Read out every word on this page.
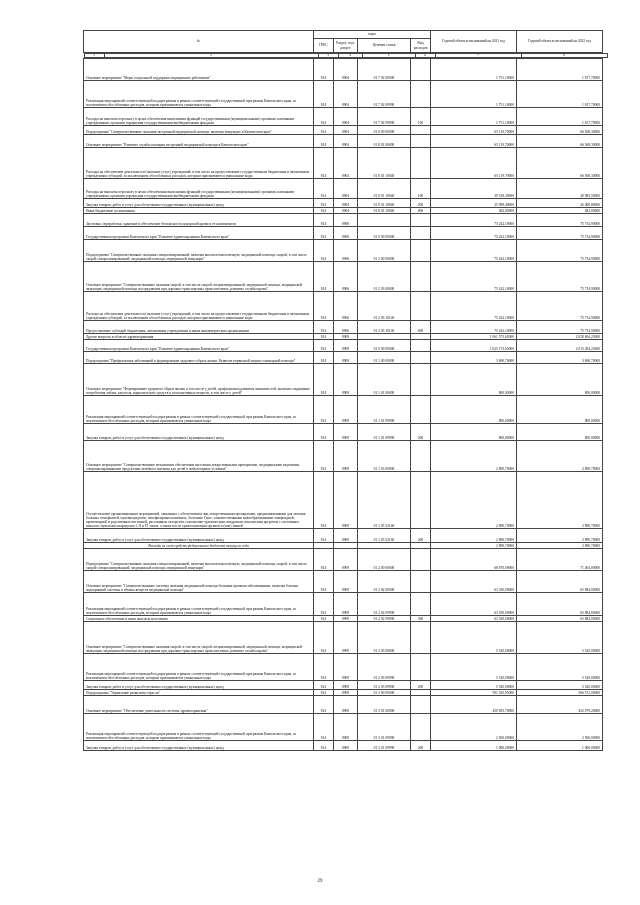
№	коды	Годовой объем ассигнований на 2021 год	Годовой объем ассигнований на 2022 год
ГРБС	Раздел, под-раздел	Целевая статья	Вид расходов

1	2	3	4	5	6	7	8

Основное мероприятие "Меры социальной поддержки медицинских работников"	814	0904	01 7 02 00000		1 751,10000	1 817,70000
Реализация мероприятий соответствующей подпрограммы в рамках соответствующей государственной программы Камчатского края, за исключением обособленных расходов, которым присваиваются уникальные коды	814	0904	01 7 02 09990		1 751,10000	1 817,70000
Расходы на выплаты персоналу в целях обеспечения выполнения функций государственными (муниципальными) органами, казенными учреждениями, органами управления государственными внебюджетными фондами	814	0904	01 7 02 09990	100	1 751,10000	1 817,70000
Подпрограмма "Совершенствование оказания экстренной медицинской помощи, включая эвакуацию в Камчатском крае"	814	0904	01 8 00 00000		65 119,70000	66 568,30000
Основное мероприятие "Развитие службы оказания экстренной медицинской помощи в Камчатском крае"	814	0904	01 8 01 00000		65 119,70000	66 568,30000
Расходы на обеспечение деятельности (оказание услуг) учреждений, в том числе на предоставление государственным бюджетным и автономным учреждениям субсидий, за исключением обособленных расходов, которым присваиваются уникальные коды	814	0904	01 8 01 10040		65 119,70000	66 568,30000
Расходы на выплаты персоналу в целях обеспечения выполнения функций государственными (муниципальными) органами, казенными учреждениями, органами управления государственными внебюджетными фондами	814	0904	01 8 01 10040	100	39 518,30000	40 085,50000
Закупка товаров, работ и услуг для обеспечения государственных (муниципальных) нужд	814	0904	01 8 01 10040	200	25 099,40000	26 000,80000
Иные бюджетные ассигнования	814	0904	01 8 01 10040	800	482,00000	482,00000
Заготовка, переработка, хранение и обеспечение безопасности донорской крови и ее компонентов	814	0906			75 242,10000	75 734,90000
Государственная программа Камчатского края "Развитие здравоохранения Камчатского края"	814	0906	01 0 00 00000		75 242,10000	75 734,90000
Подпрограмма "Совершенствование оказания специализированной, включая высокотехнологичную, медицинской помощи, скорой, в том числе скорой специализированной, медицинской помощи, медицинской эвакуации"	814	0906	01 2 00 00000		75 242,10000	75 734,90000
Основное мероприятие "Совершенствование оказания скорой, в том числе скорой специализированной, медицинской помощи, медицинской эвакуации, медицинской помощи пострадавшим при дорожно-транспортных происшествиях, развитие службы крови"	814	0906	01 2 03 00000		75 242,10000	75 734,90000
Расходы на обеспечение деятельности (оказание услуг) учреждений, в том числе на предоставление государственным бюджетным и автономным учреждениям субсидий, за исключением обособленных расходов, которым присваиваются уникальные коды	814	0906	01 2 03 10140		75 242,10000	75 734,90000
Предоставление субсидий бюджетным, автономным учреждениям и иным некоммерческим организациям	814	0906	01 2 03 10140	600	75 242,10000	75 734,90000
Другие вопросы в области здравоохранения	814	0909			1 061 575,65000	2 028 694,23000
Государственная программа Камчатского края "Развитие здравоохранения Камчатского края"	814	0909	01 0 00 00000		1 025 175,65000	2 015 284,23000
Подпрограмма "Профилактика заболеваний и формирование здорового образа жизни. Развитие первичной медико-санитарной помощи"	814	0909	01 1 00 00000		3 690,70000	3 690,70000
Основное мероприятие "Формирование здорового образа жизни, в том числе у детей, профилактика развития зависимостей, включая сокращение потребления табака, алкоголя, наркотических средств и психоактивных веществ, в том числе у детей"	814	0909	01 1 01 00000		800,00000	800,00000
Реализация мероприятий соответствующей подпрограммы в рамках соответствующей государственной программы Камчатского края, за исключением обособленных расходов, которым присваиваются уникальные коды	814	0909	01 1 01 09990		800,00000	800,00000
Закупка товаров, работ и услуг для обеспечения государственных (муниципальных) нужд	814	0909	01 1 01 09990	200	800,00000	800,00000
Основное мероприятие "Совершенствование механизмов обеспечения населения лекарственными препаратами, медицинскими изделиями, специализированными продуктами лечебного питания для детей в амбулаторных условиях"	814	0909	01 1 03 00000		2 890,70000	2 890,70000
Осуществление организационных мероприятий, связанных с обеспечением лиц лекарственными препаратами, предназначенными для лечения больных гемофилией, муковисцидозом, гипофизарным нанизмом, болезнью Гоше, злокачественными новообразованиями лимфоидной, кроветворной и родственных им тканей, рассеянным склерозом, гемолитико-уремическим синдромом, юношеским артритом с системным началом, мукополисахаридозом I, II и VI типов, а также после трансплантации органов и (или) тканей	814	0909	01 1 03 52160		2 890,70000	2 890,70000
Закупка товаров, работ и услуг для обеспечения государственных (муниципальных) нужд	814	0909	01 1 03 52160	200	2 890,70000	2 890,70000
Расходы за счет средств федерального бюджета текущего года					2 890,70000	2 890,70000
Подпрограмма "Совершенствование оказания специализированной, включая высокотехнологичную, медицинской помощи, скорой, в том числе скорой специализированной, медицинской помощи, медицинской эвакуации"	814	0909	01 2 00 00000		68 870,00000	71 404,00000
Основное мероприятие "Совершенствование системы оказания медицинской помощи больным прочими заболеваниями, включая болезни эндокринной системы и обмена веществ медицинской помощи"	814	0909	01 2 02 00000		63 350,00000	65 884,00000
Реализация мероприятий соответствующей подпрограммы в рамках соответствующей государственной программы Камчатского края, за исключением обособленных расходов, которым присваиваются уникальные коды	814	0909	01 2 02 09990		63 350,00000	65 884,00000
Социальное обеспечение и иные выплаты населению	814	0909	01 2 02 09990	300	63 350,00000	65 884,00000
Основное мероприятие "Совершенствование оказания скорой, в том числе скорой специализированной, медицинской помощи, медицинской эвакуации, медицинской помощи пострадавшим при дорожно-транспортных происшествиях, развитие службы крови"	814	0909	01 2 03 00000		5 520,00000	5 520,00000
Реализация мероприятий соответствующей подпрограммы в рамках соответствующей государственной программы Камчатского края, за исключением обособленных расходов, которым присваиваются уникальные коды	814	0909	01 2 03 09990		5 520,00000	5 520,00000
Закупка товаров, работ и услуг для обеспечения государственных (муниципальных) нужд	814	0909	01 2 03 09990	200	5 520,00000	5 520,00000
Подпрограмма "Управление развитием отрасли"	814	0909	01 3 00 00000		591 545,95000	566 572,00000
Основное мероприятие "Обеспечение деятельности системы здравоохранения"	814	0909	01 3 01 00000		450 855,70000	452 079,20000
Реализация мероприятий соответствующей подпрограммы в рамках соответствующей государственной программы Камчатского края, за исключением обособленных расходов, которым присваиваются уникальные коды	814	0909	01 3 01 09990		2 500,00000	2 500,00000
Закупка товаров, работ и услуг для обеспечения государственных (муниципальных) нужд	814	0909	01 3 01 09990	200	1 000,00000	1 000,00000
29
